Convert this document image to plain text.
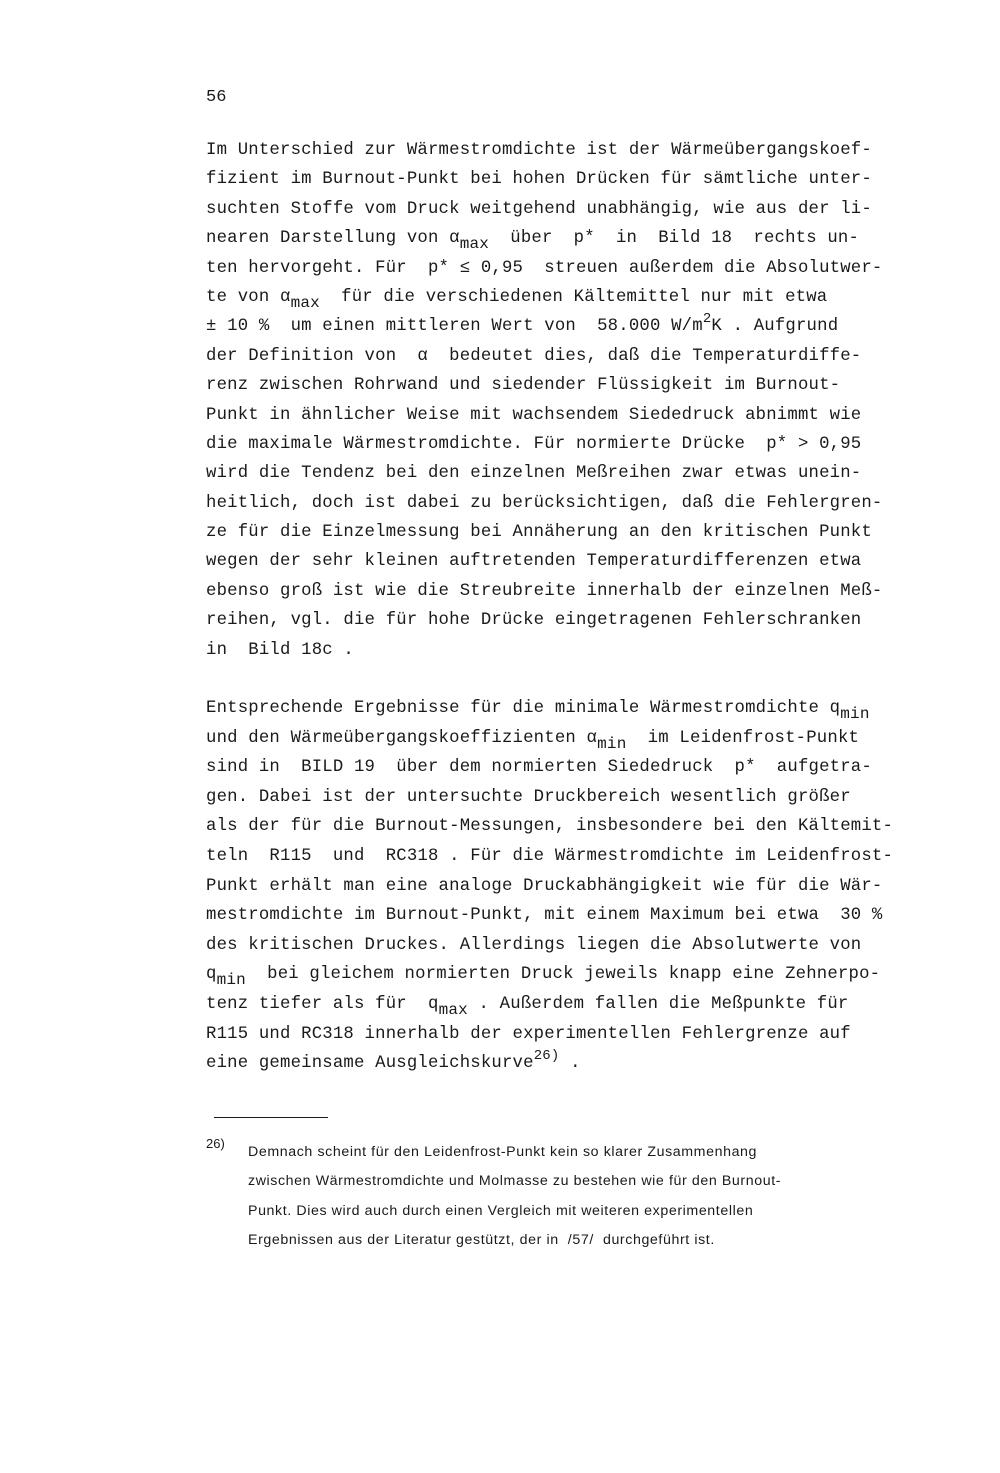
56
Im Unterschied zur Wärmestromdichte ist der Wärmeübergangskoef-
fizient im Burnout-Punkt bei hohen Drücken für sämtliche unter-
suchten Stoffe vom Druck weitgehend unabhängig, wie aus der li-
nearen Darstellung von $\alpha_{max}$  über  p*  in  Bild 18  rechts un-
ten hervorgeht. Für  p* ≤ 0,95  streuen außerdem die Absolutwer-
te von $\alpha_{max}$  für die verschiedenen Kältemittel nur mit etwa
± 10 %  um einen mittleren Wert von  58.000 $W/m^2K$ . Aufgrund
der Definition von  α  bedeutet dies, daß die Temperaturdiffe-
renz zwischen Rohrwand und siedender Flüssigkeit im Burnout-
Punkt in ähnlicher Weise mit wachsendem Siededruck abnimmt wie
die maximale Wärmestromdichte. Für normierte Drücke  p* > 0,95
wird die Tendenz bei den einzelnen Meßreihen zwar etwas unein-
heitlich, doch ist dabei zu berücksichtigen, daß die Fehlergren-
ze für die Einzelmessung bei Annäherung an den kritischen Punkt
wegen der sehr kleinen auftretenden Temperaturdifferenzen etwa
ebenso groß ist wie die Streubreite innerhalb der einzelnen Meß-
reihen, vgl. die für hohe Drücke eingetragenen Fehlerschranken
in  Bild 18c .
Entsprechende Ergebnisse für die minimale Wärmestromdichte $q_{min}$
und den Wärmeübergangskoeffizienten $\alpha_{min}$  im Leidenfrost-Punkt
sind in  BILD 19  über dem normierten Siededruck  p*  aufgetra-
gen. Dabei ist der untersuchte Druckbereich wesentlich größer
als der für die Burnout-Messungen, insbesondere bei den Kältemit-
teln  R115  und  RC318 . Für die Wärmestromdichte im Leidenfrost-
Punkt erhält man eine analoge Druckabhängigkeit wie für die Wär-
mestromdichte im Burnout-Punkt, mit einem Maximum bei etwa  30 %
des kritischen Druckes. Allerdings liegen die Absolutwerte von
$q_{min}$  bei gleichem normierten Druck jeweils knapp eine Zehnerpo-
tenz tiefer als für  $q_{max}$ . Außerdem fallen die Meßpunkte für
R115 und RC318 innerhalb der experimentellen Fehlergrenze auf
eine gemeinsame Ausgleichskurve$^{26)}$ .
26)
Demnach scheint für den Leidenfrost-Punkt kein so klarer Zusammenhang
zwischen Wärmestromdichte und Molmasse zu bestehen wie für den Burnout-
Punkt. Dies wird auch durch einen Vergleich mit weiteren experimentellen
Ergebnissen aus der Literatur gestützt, der in  /57/  durchgeführt ist.
